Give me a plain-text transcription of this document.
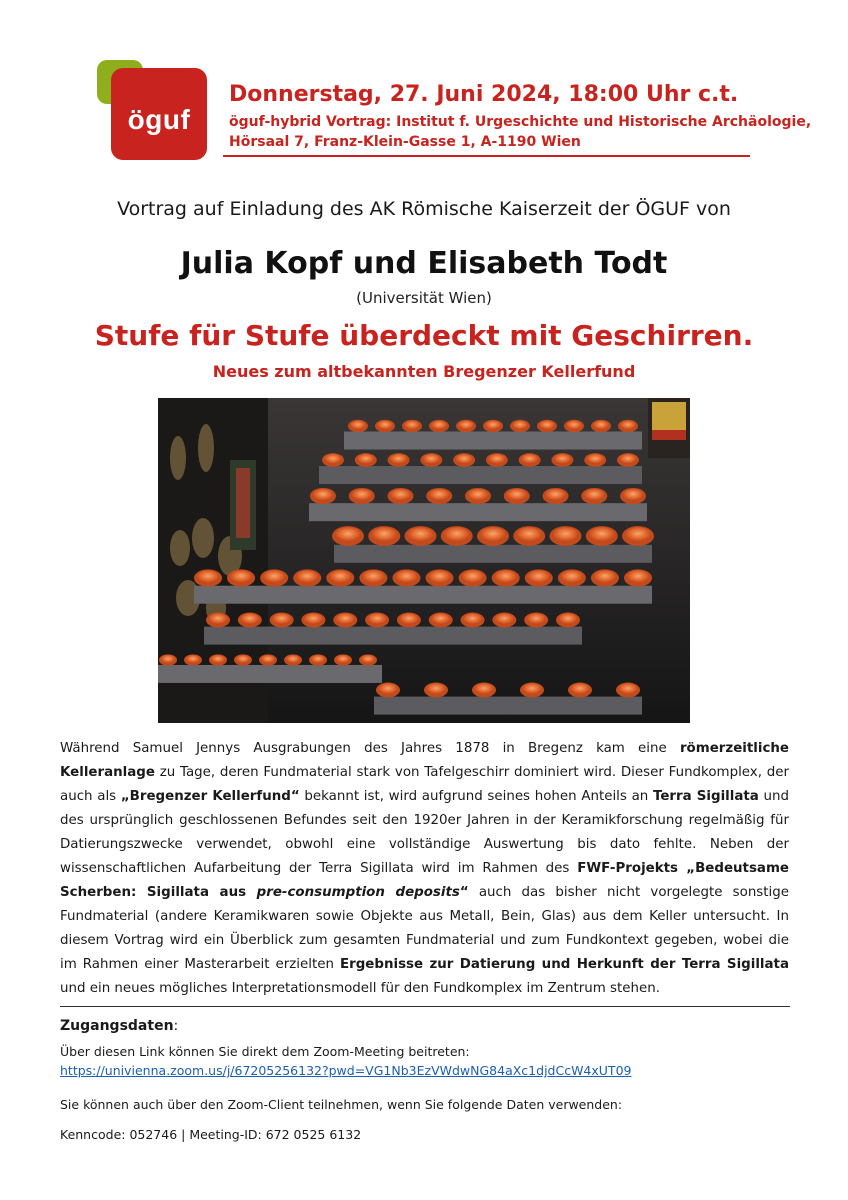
öguf
Donnerstag, 27. Juni 2024, 18:00 Uhr c.t.
öguf-hybrid Vortrag: Institut f. Urgeschichte und Historische Archäologie,
Hörsaal 7, Franz-Klein-Gasse 1, A-1190 Wien
Vortrag auf Einladung des AK Römische Kaiserzeit der ÖGUF von
Julia Kopf und Elisabeth Todt
(Universität Wien)
Stufe für Stufe überdeckt mit Geschirren.
Neues zum altbekannten Bregenzer Kellerfund
Während Samuel Jennys Ausgrabungen des Jahres 1878 in Bregenz kam eine römerzeitliche Kelleranlage zu Tage, deren Fundmaterial stark von Tafelgeschirr dominiert wird. Dieser Fundkomplex, der auch als „Bregenzer Kellerfund“ bekannt ist, wird aufgrund seines hohen Anteils an Terra Sigillata und des ursprünglich geschlossenen Befundes seit den 1920er Jahren in der Keramikforschung regelmäßig für Datierungszwecke verwendet, obwohl eine vollständige Auswertung bis dato fehlte. Neben der wissenschaftlichen Aufarbeitung der Terra Sigillata wird im Rahmen des FWF-Projekts „Bedeutsame Scherben: Sigillata aus pre-consumption deposits“ auch das bisher nicht vorgelegte sonstige Fundmaterial (andere Keramikwaren sowie Objekte aus Metall, Bein, Glas) aus dem Keller untersucht. In diesem Vortrag wird ein Überblick zum gesamten Fundmaterial und zum Fundkontext gegeben, wobei die im Rahmen einer Masterarbeit erzielten Ergebnisse zur Datierung und Herkunft der Terra Sigillata und ein neues mögliches Interpretationsmodell für den Fundkomplex im Zentrum stehen.
Zugangsdaten:
Über diesen Link können Sie direkt dem Zoom-Meeting beitreten:
https://univienna.zoom.us/j/67205256132?pwd=VG1Nb3EzVWdwNG84aXc1djdCcW4xUT09
Sie können auch über den Zoom-Client teilnehmen, wenn Sie folgende Daten verwenden:
Kenncode: 052746 | Meeting-ID: 672 0525 6132
